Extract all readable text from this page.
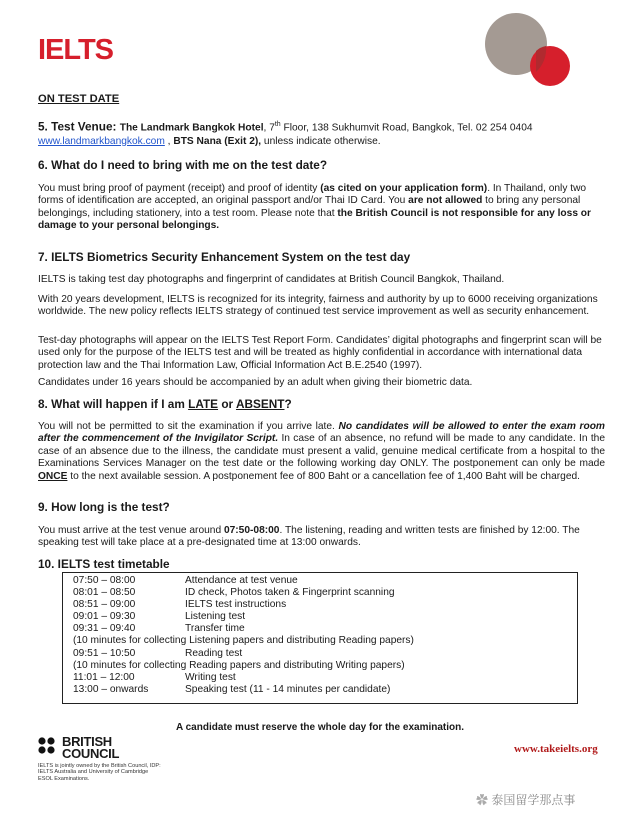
IELTS
ON TEST DATE
5. Test Venue: The Landmark Bangkok Hotel, 7th Floor, 138 Sukhumvit Road, Bangkok, Tel. 02 254 0404
www.landmarkbangkok.com , BTS Nana (Exit 2), unless indicate otherwise.
6. What do I need to bring with me on the test date?

You must bring proof of payment (receipt) and proof of identity (as cited on your application form). In Thailand, only two forms of identification are accepted, an original passport and/or Thai ID Card. You are not allowed to bring any personal belongings, including stationery, into a test room. Please note that the British Council is not responsible for any loss or damage to your personal belongings.

7. IELTS Biometrics Security Enhancement System on the test day

IELTS is taking test day photographs and fingerprint of candidates at British Council Bangkok, Thailand.

With 20 years development, IELTS is recognized for its integrity, fairness and authority by up to 6000 receiving organizations worldwide. The new policy reflects IELTS strategy of continued test service improvement as well as security enhancement.

Test-day photographs will appear on the IELTS Test Report Form. Candidates’ digital photographs and fingerprint scan will be used only for the purpose of the IELTS test and will be treated as highly confidential in accordance with international data protection law and the Thai Information Law, Official Information Act B.E.2540 (1997).

Candidates under 16 years should be accompanied by an adult when giving their biometric data.

8. What will happen if I am LATE or ABSENT?

You will not be permitted to sit the examination if you arrive late. No candidates will be allowed to enter the exam room after the commencement of the Invigilator Script. In case of an absence, no refund will be made to any candidate. In the case of an absence due to the illness, the candidate must present a valid, genuine medical certificate from a hospital to the Examinations Services Manager on the test date or the following working day ONLY. The postponement can only be made ONCE to the next available session. A postponement fee of 800 Baht or a cancellation fee of 1,400 Baht will be charged.

9. How long is the test?

You must arrive at the test venue around 07:50-08:00. The listening, reading and written tests are finished by 12:00. The speaking test will take place at a pre-designated time at 13:00 onwards.

10. IELTS test timetable
07:50 – 08:00	Attendance at test venue
08:01 – 08:50	ID check, Photos taken & Fingerprint scanning
08:51 – 09:00	IELTS test instructions
09:01 – 09:30	Listening test
09:31 – 09:40	Transfer time
(10 minutes for collecting Listening papers and distributing Reading papers)
09:51 – 10:50	Reading test
(10 minutes for collecting Reading papers and distributing Writing papers)
11:01 – 12:00	Writing test
13:00 – onwards	Speaking test (11 - 14 minutes per candidate)
A candidate must reserve the whole day for the examination.
BRITISH
COUNCIL
IELTS is jointly owned by the British Council, IDP:
IELTS Australia and University of Cambridge
ESOL Examinations.
www.takeielts.org
✿ 泰国留学那点事
